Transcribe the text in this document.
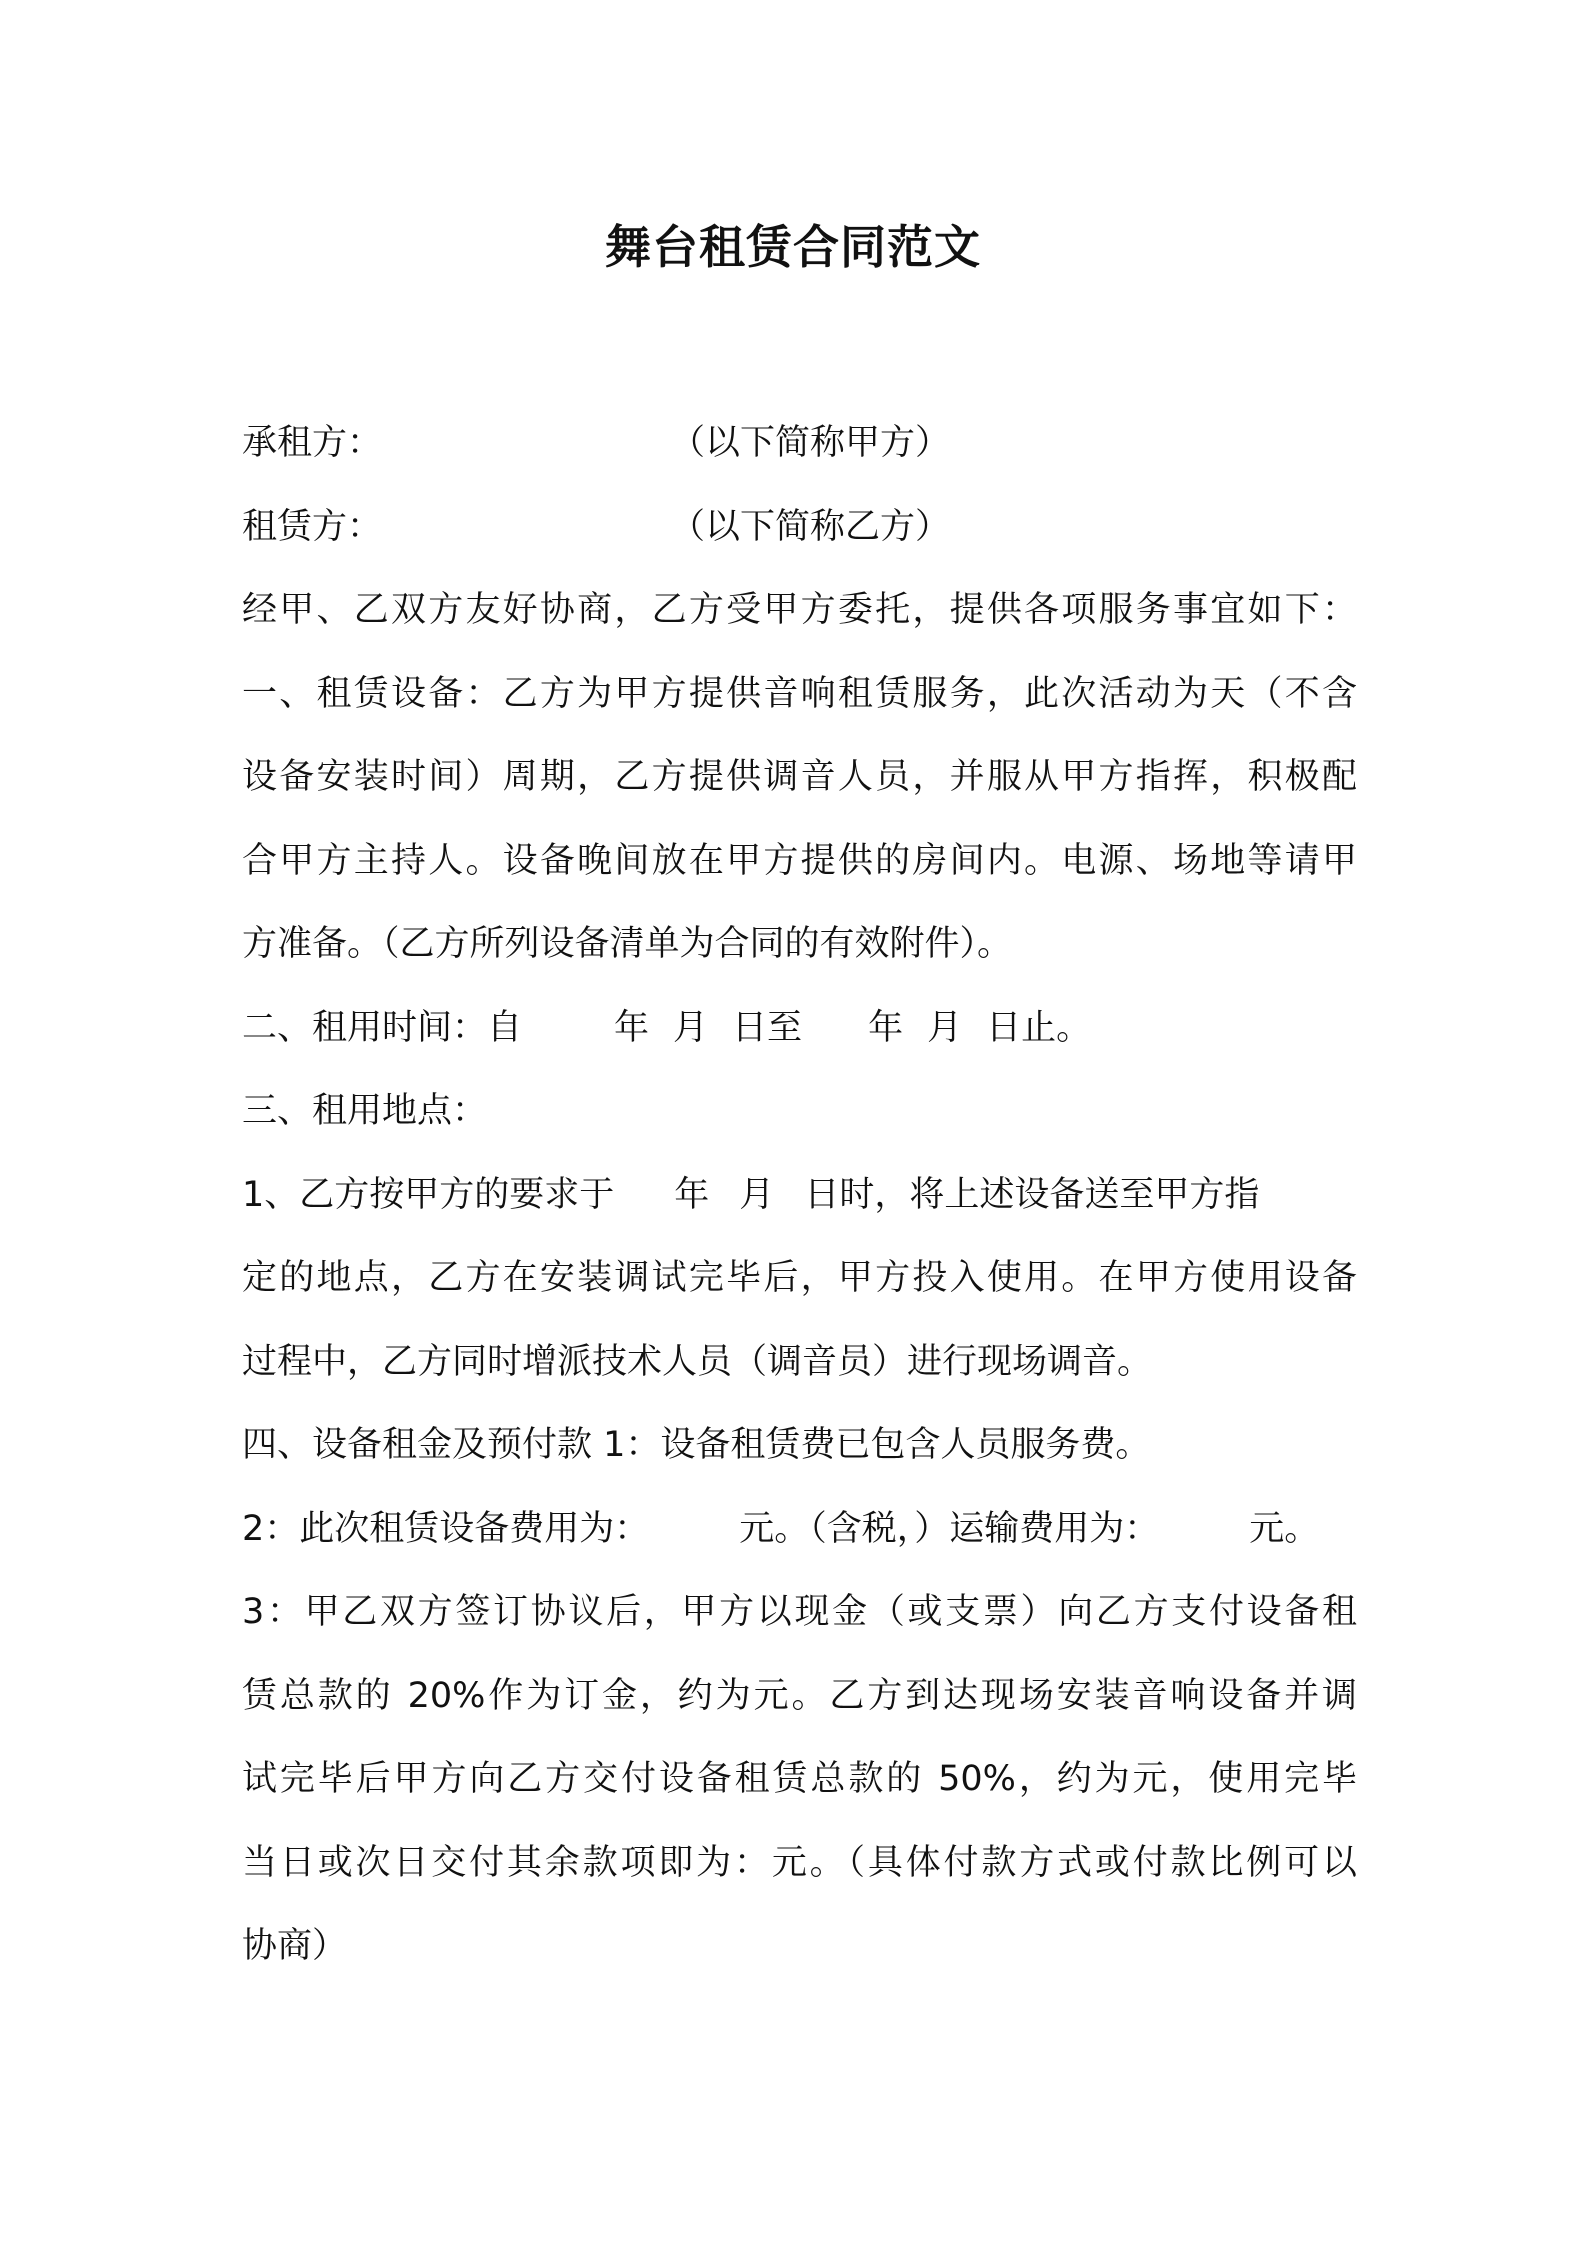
舞台租赁合同范文
承租方：	（以下简称甲方）
租赁方：	（以下简称乙方）
经甲、乙双方友好协商，乙方受甲方委托，提供各项服务事宜如下：
一、租赁设备：乙方为甲方提供音响租赁服务，此次活动为天（不含
设备安装时间）周期，乙方提供调音人员，并服从甲方指挥，积极配
合甲方主持人。设备晚间放在甲方提供的房间内。电源、场地等请甲
方准备。（乙方所列设备清单为合同的有效附件）。
二、租用时间：自	年 月 日至 年 月 日止。
三、租用地点：
1、乙方按甲方的要求于 年 月 日时，将上述设备送至甲方指
定的地点，乙方在安装调试完毕后，甲方投入使用。在甲方使用设备
过程中，乙方同时增派技术人员（调音员）进行现场调音。
四、设备租金及预付款 1：设备租赁费已包含人员服务费。
2：此次租赁设备费用为：	元。（含税，）运输费用为：	元。
3：甲乙双方签订协议后，甲方以现金（或支票）向乙方支付设备租
赁总款的 20%作为订金，约为元。乙方到达现场安装音响设备并调
试完毕后甲方向乙方交付设备租赁总款的 50%，约为元，使用完毕
当日或次日交付其余款项即为：元。（具体付款方式或付款比例可以
协商）
